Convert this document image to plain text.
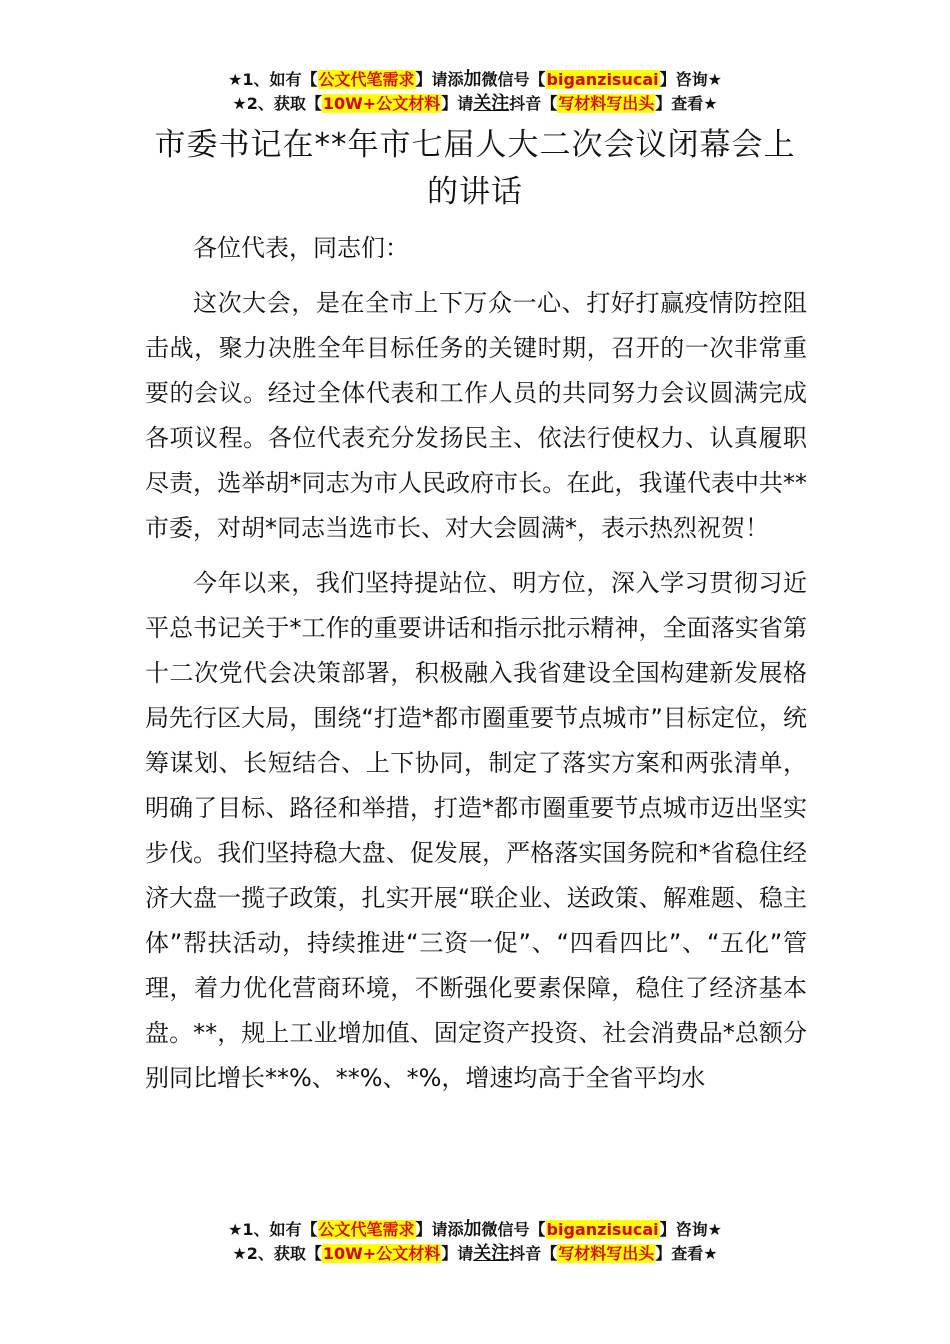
★1、如有【公文代笔需求】请添加微信号【biganzisucai】咨询★
★2、获取【10W+公文材料】请关注抖音【写材料写出头】查看★
市委书记在**年市七届人大二次会议闭幕会上的讲话

各位代表，同志们：

这次大会，是在全市上下万众一心、打好打赢疫情防控阻击战，聚力决胜全年目标任务的关键时期，召开的一次非常重要的会议。经过全体代表和工作人员的共同努力会议圆满完成各项议程。各位代表充分发扬民主、依法行使权力、认真履职尽责，选举胡*同志为市人民政府市长。在此，我谨代表中共**市委，对胡*同志当选市长、对大会圆满*，表示热烈祝贺！

今年以来，我们坚持提站位、明方位，深入学习贯彻习近平总书记关于*工作的重要讲话和指示批示精神，全面落实省第十二次党代会决策部署，积极融入我省建设全国构建新发展格局先行区大局，围绕“打造*都市圈重要节点城市”目标定位，统筹谋划、长短结合、上下协同，制定了落实方案和两张清单，明确了目标、路径和举措，打造*都市圈重要节点城市迈出坚实步伐。我们坚持稳大盘、促发展，严格落实国务院和*省稳住经济大盘一揽子政策，扎实开展“联企业、送政策、解难题、稳主体”帮扶活动，持续推进“三资一促”、“四看四比”、“五化”管理，着力优化营商环境，不断强化要素保障，稳住了经济基本盘。**，规上工业增加值、固定资产投资、社会消费品*总额分别同比增长**%、**%、*%，增速均高于全省平均水

★1、如有【公文代笔需求】请添加微信号【biganzisucai】咨询★
★2、获取【10W+公文材料】请关注抖音【写材料写出头】查看★
